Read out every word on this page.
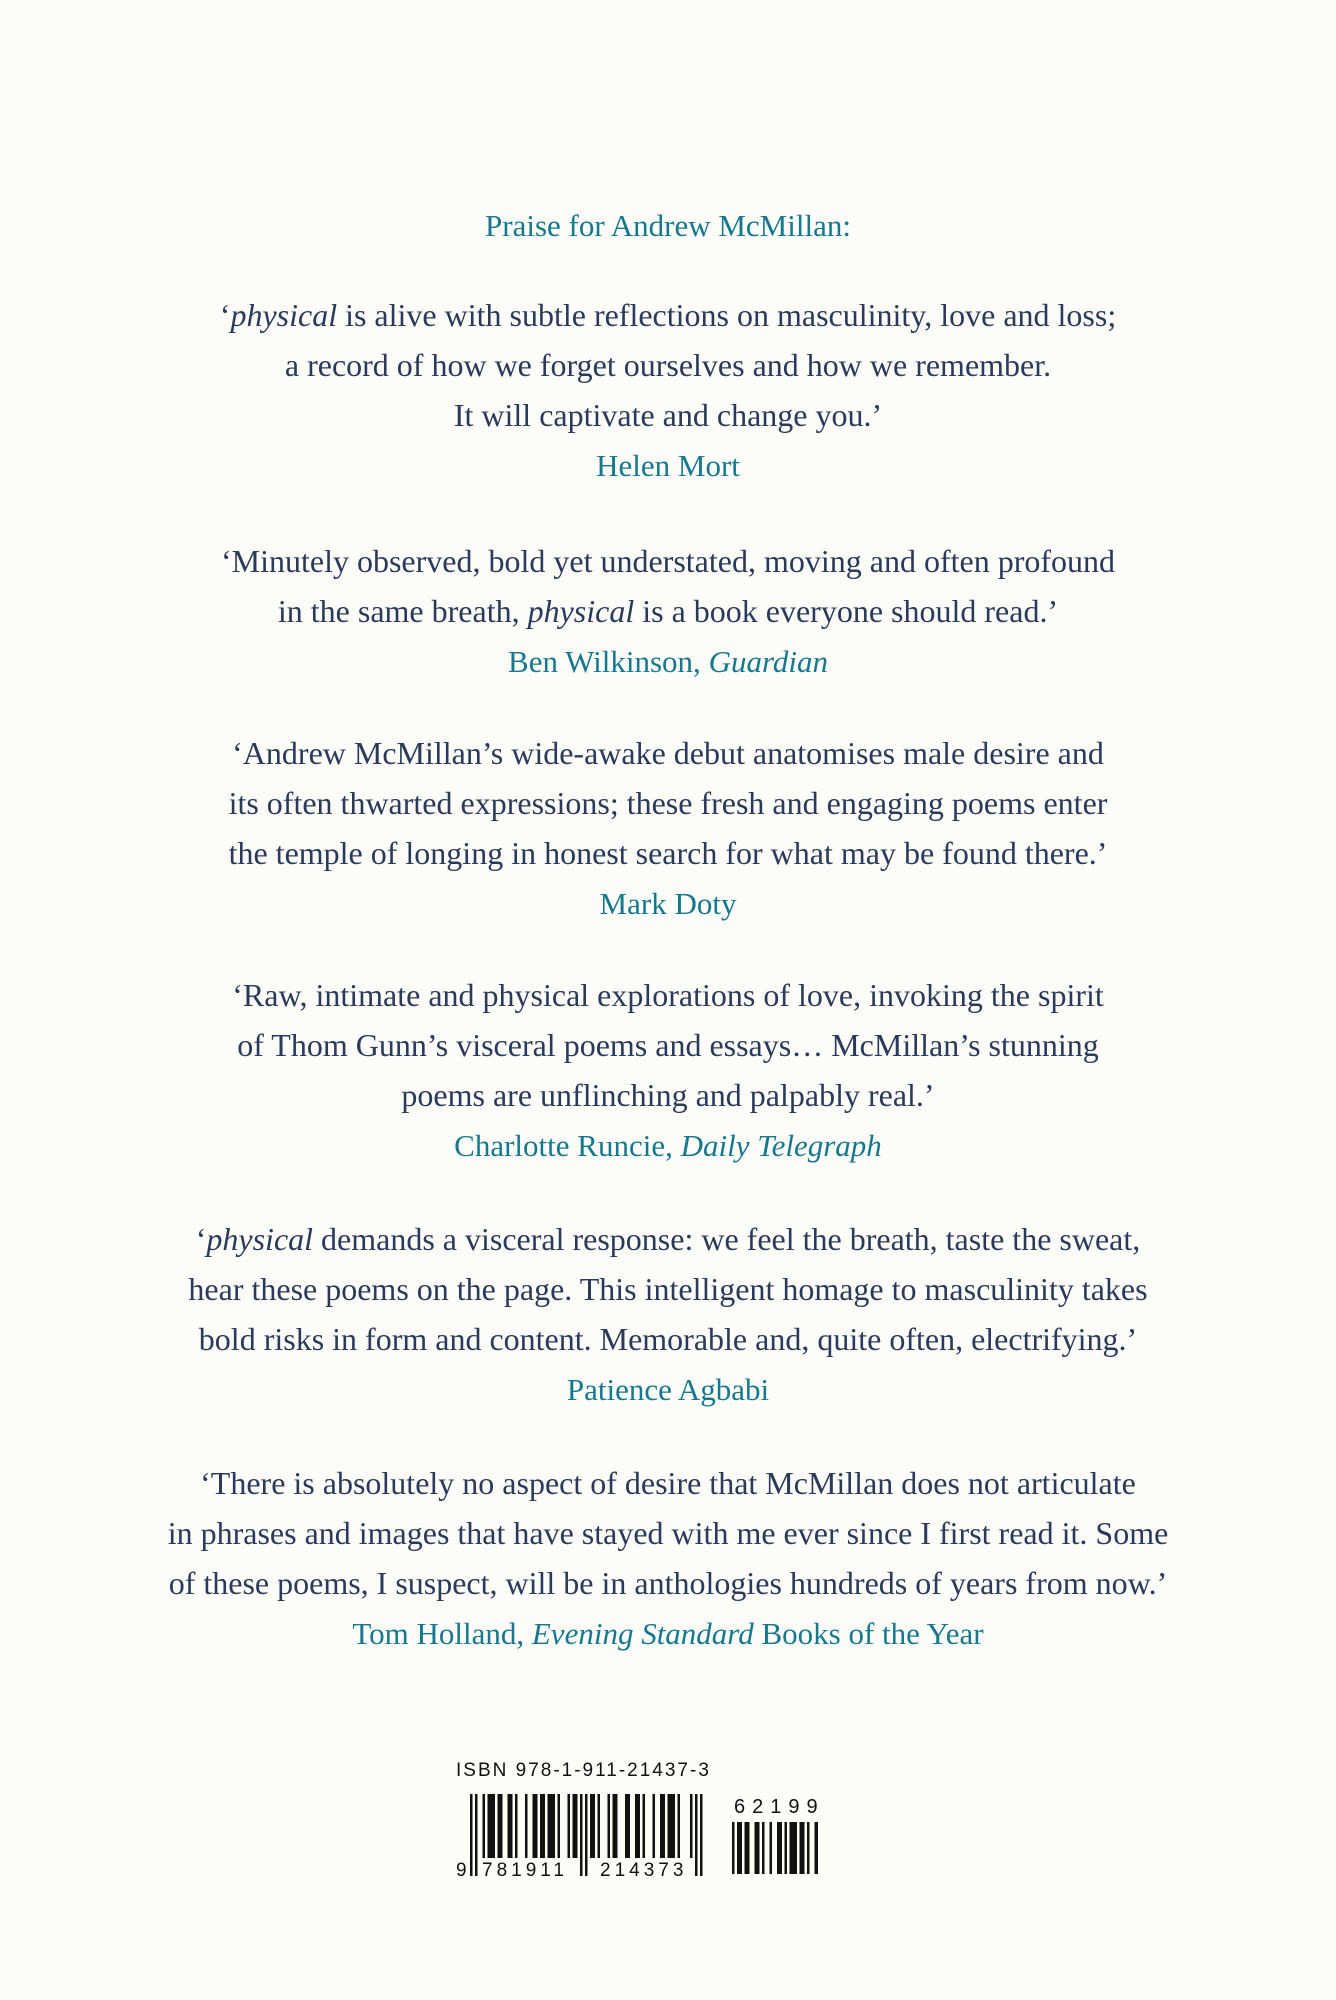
Praise for Andrew McMillan:
‘physical is alive with subtle reflections on masculinity, love and loss;
a record of how we forget ourselves and how we remember.
It will captivate and change you.’
Helen Mort
‘Minutely observed, bold yet understated, moving and often profound
in the same breath, physical is a book everyone should read.’
Ben Wilkinson, Guardian
‘Andrew McMillan’s wide-awake debut anatomises male desire and
its often thwarted expressions; these fresh and engaging poems enter
the temple of longing in honest search for what may be found there.’
Mark Doty
‘Raw, intimate and physical explorations of love, invoking the spirit
of Thom Gunn’s visceral poems and essays… McMillan’s stunning
poems are unflinching and palpably real.’
Charlotte Runcie, Daily Telegraph
‘physical demands a visceral response: we feel the breath, taste the sweat,
hear these poems on the page. This intelligent homage to masculinity takes
bold risks in form and content. Memorable and, quite often, electrifying.’
Patience Agbabi
‘There is absolutely no aspect of desire that McMillan does not articulate
in phrases and images that have stayed with me ever since I first read it. Some
of these poems, I suspect, will be in anthologies hundreds of years from now.’
Tom Holland, Evening Standard Books of the Year
ISBN 978-1-911-21437-3
62199
9 781911 214373
